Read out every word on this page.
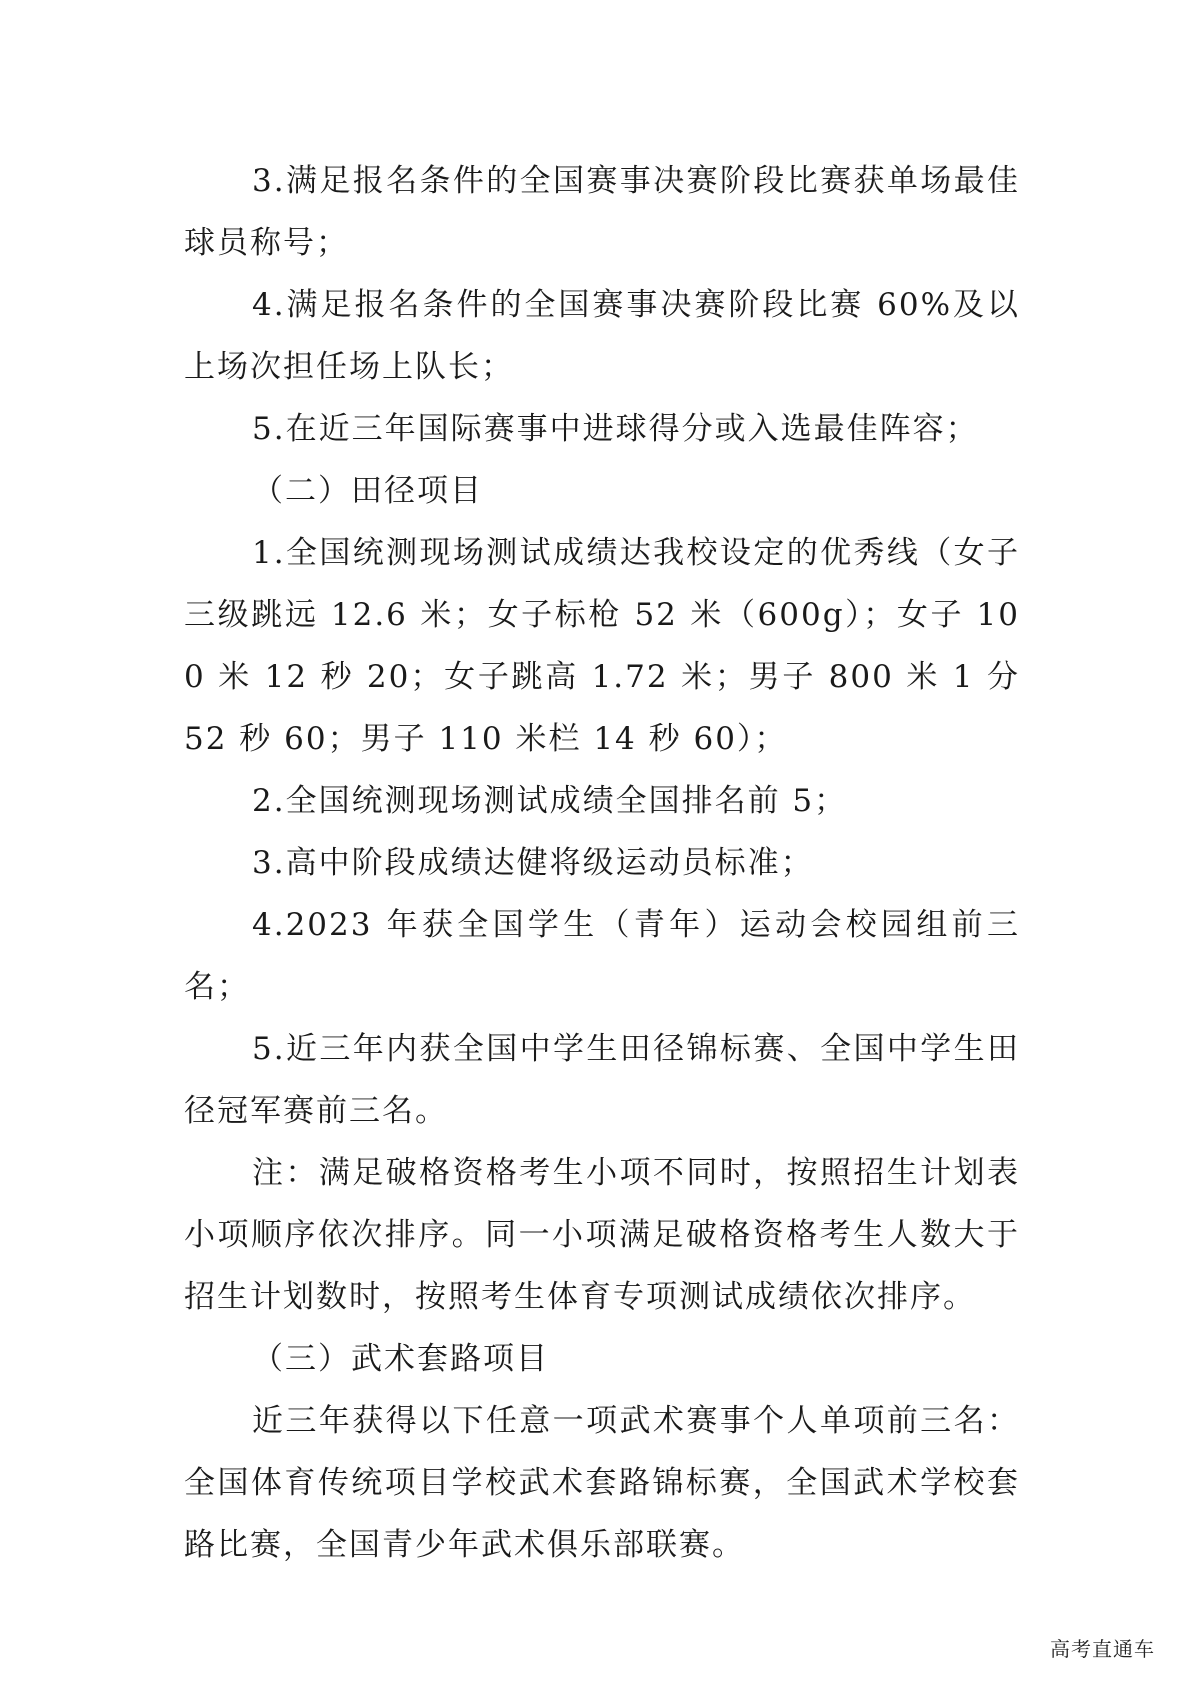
3.满足报名条件的全国赛事决赛阶段比赛获单场最佳球员称号；

4.满足报名条件的全国赛事决赛阶段比赛 60%及以上场次担任场上队长；

5.在近三年国际赛事中进球得分或入选最佳阵容；

（二）田径项目

1.全国统测现场测试成绩达我校设定的优秀线（女子三级跳远 12.6 米；女子标枪 52 米（600g）；女子 100 米 12 秒 20；女子跳高 1.72 米；男子 800 米 1 分 52 秒 60；男子 110 米栏 14 秒 60）；

2.全国统测现场测试成绩全国排名前 5；

3.高中阶段成绩达健将级运动员标准；

4.2023 年获全国学生（青年）运动会校园组前三名；

5.近三年内获全国中学生田径锦标赛、全国中学生田径冠军赛前三名。

注：满足破格资格考生小项不同时，按照招生计划表小项顺序依次排序。同一小项满足破格资格考生人数大于招生计划数时，按照考生体育专项测试成绩依次排序。

（三）武术套路项目

近三年获得以下任意一项武术赛事个人单项前三名：全国体育传统项目学校武术套路锦标赛，全国武术学校套路比赛，全国青少年武术俱乐部联赛。

高考直通车
